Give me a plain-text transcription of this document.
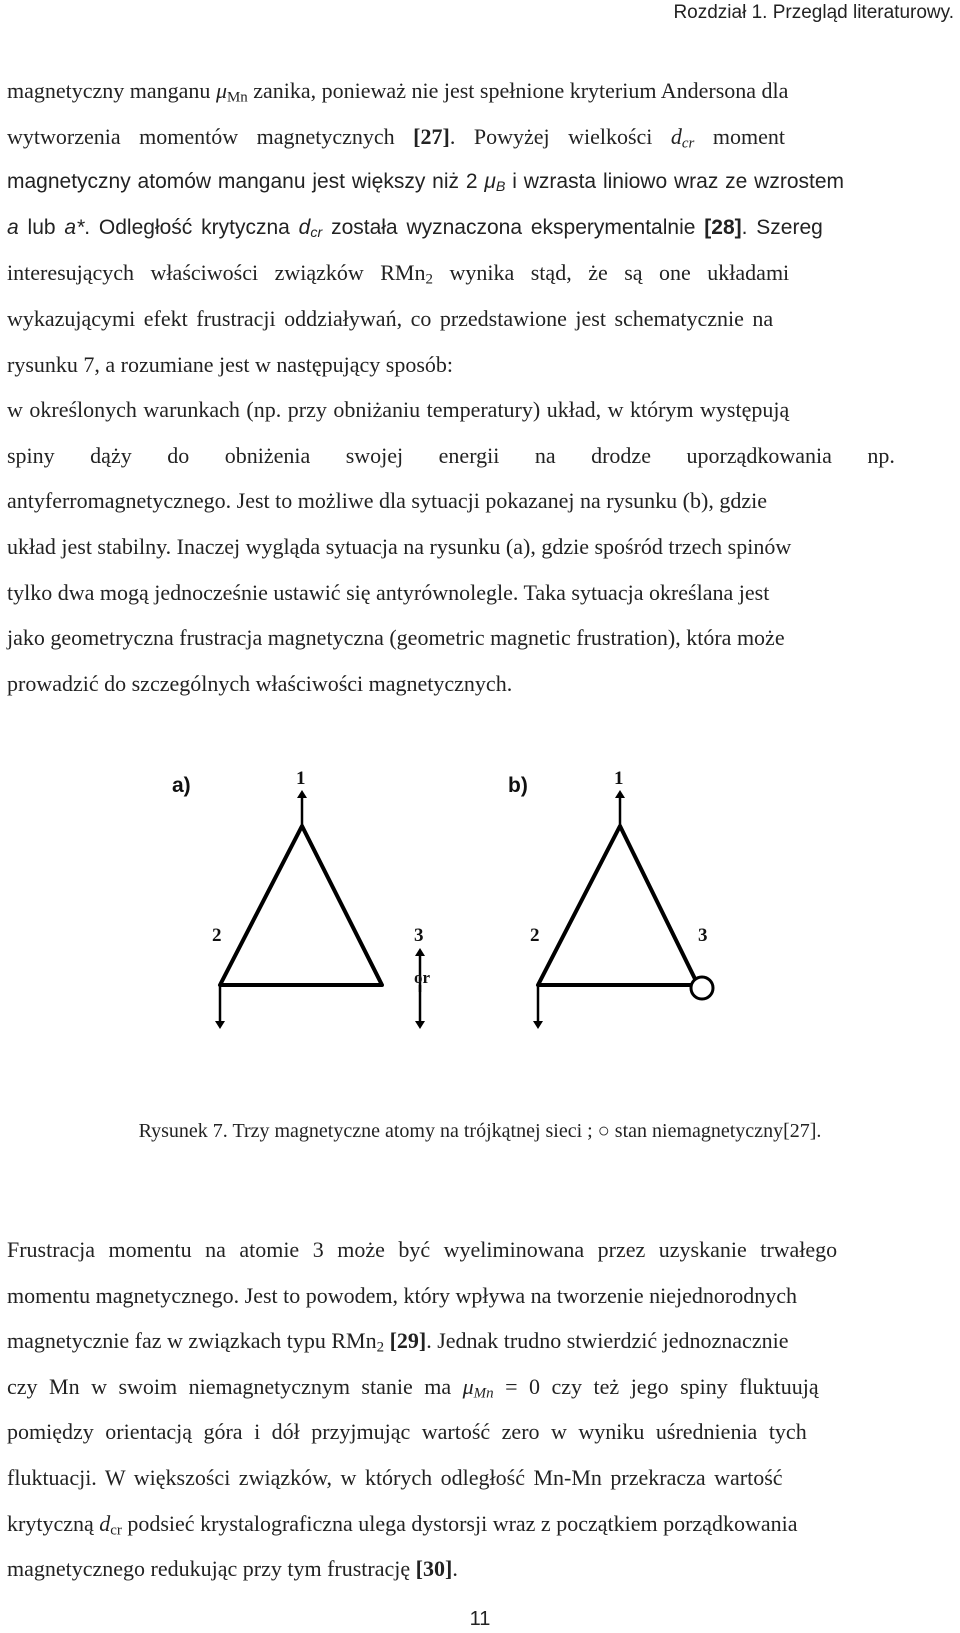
Rozdział 1. Przegląd literaturowy.
magnetyczny manganu $\mu_{Mn}$ zanika, ponieważ nie jest spełnione kryterium Andersona dla
wytworzenia momentów magnetycznych [27]. Powyżej wielkości $d_{cr}$ moment
magnetyczny atomów manganu jest większy niż 2 $\mu_B$ i wzrasta liniowo wraz ze wzrostem
a lub a*. Odległość krytyczna $d_{cr}$ została wyznaczona eksperymentalnie [28]. Szereg
interesujących właściwości związków RMn$_2$ wynika stąd, że są one układami
wykazującymi efekt frustracji oddziaływań, co przedstawione jest schematycznie na
rysunku 7, a rozumiane jest w następujący sposób:
w określonych warunkach (np. przy obniżaniu temperatury) układ, w którym występują
spiny dąży do obniżenia swojej energii na drodze uporządkowania np.
antyferromagnetycznego. Jest to możliwe dla sytuacji pokazanej na rysunku (b), gdzie
układ jest stabilny. Inaczej wygląda sytuacja na rysunku (a), gdzie spośród trzech spinów
tylko dwa mogą jednocześnie ustawić się antyrównolegle. Taka sytuacja określana jest
jako geometryczna frustracja magnetyczna (geometric magnetic frustration), która może
prowadzić do szczególnych właściwości magnetycznych.
a)	b)
1
2	3
or
1
2	3
Rysunek 7. Trzy magnetyczne atomy na trójkątnej sieci ; ○ stan niemagnetyczny[27].
Frustracja momentu na atomie 3 może być wyeliminowana przez uzyskanie trwałego
momentu magnetycznego. Jest to powodem, który wpływa na tworzenie niejednorodnych
magnetycznie faz w związkach typu RMn$_2$ [29]. Jednak trudno stwierdzić jednoznacznie
czy Mn w swoim niemagnetycznym stanie ma $\mu_{Mn} = 0$ czy też jego spiny fluktuują
pomiędzy orientacją góra i dół przyjmując wartość zero w wyniku uśrednienia tych
fluktuacji. W większości związków, w których odległość Mn-Mn przekracza wartość
krytyczną $d_{cr}$ podsieć krystalograficzna ulega dystorsji wraz z początkiem porządkowania
magnetycznego redukując przy tym frustrację [30].
11
